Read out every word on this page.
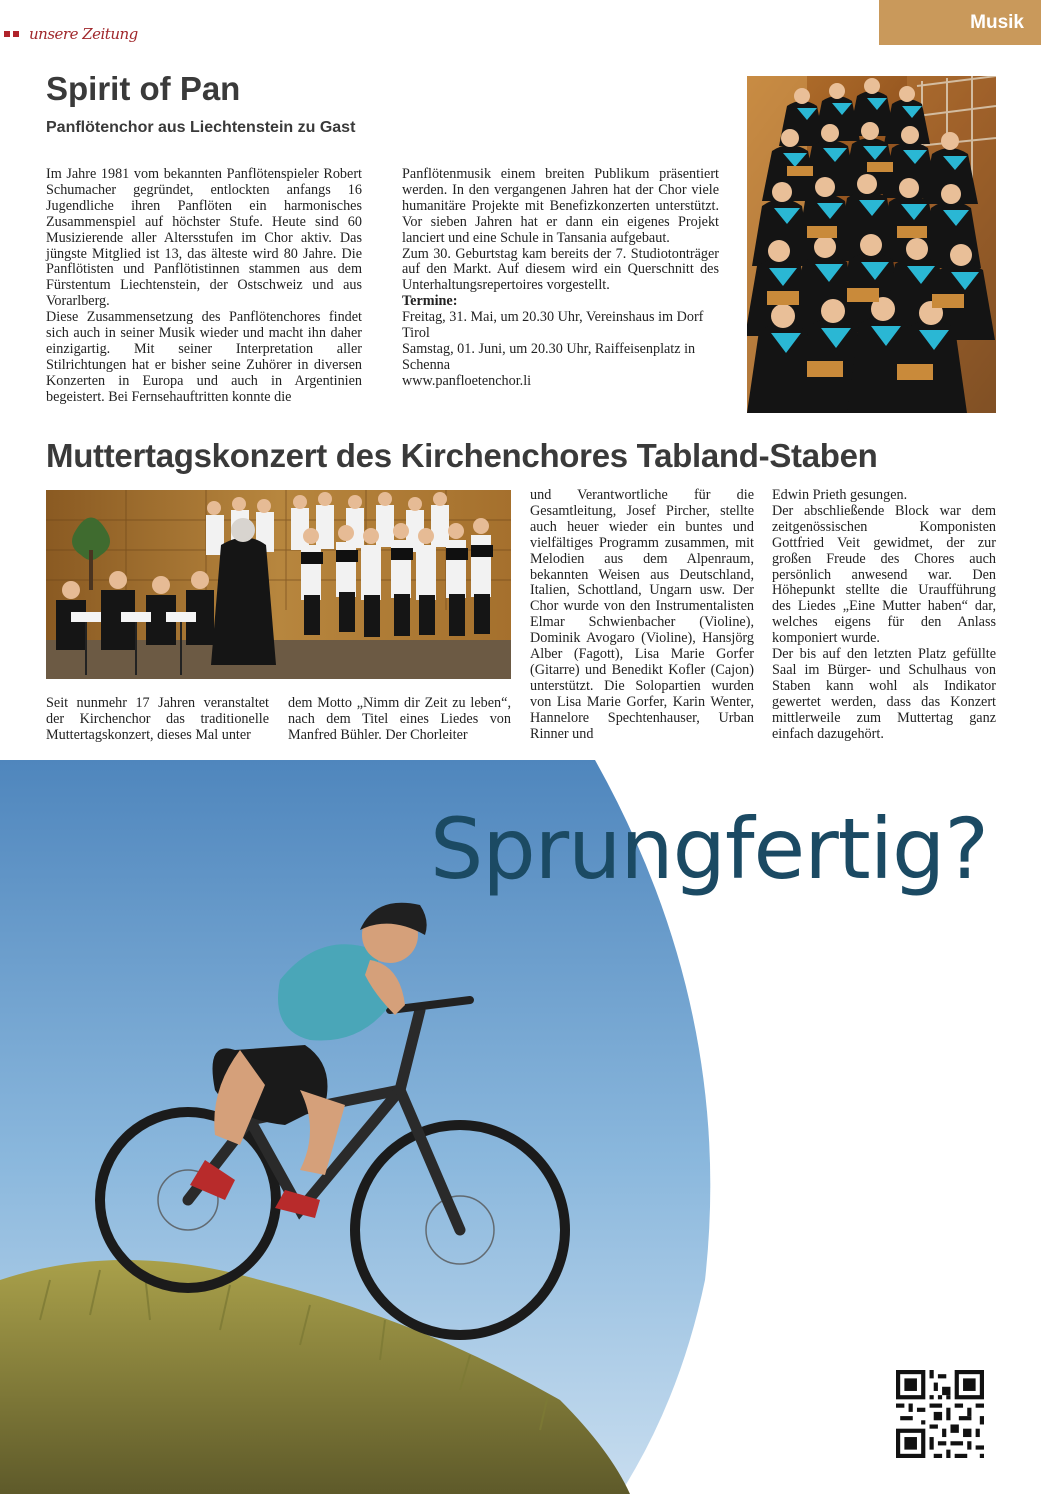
unsere Zeitung
Musik
Spirit of Pan
Panflötenchor aus Liechtenstein zu Gast

Im Jahre 1981 vom bekannten Panflötenspieler Robert Schumacher gegründet, entlockten anfangs 16 Jugendliche ihren Panflöten ein harmonisches Zusammenspiel auf höchster Stufe. Heute sind 60 Musizierende aller Altersstufen im Chor aktiv. Das jüngste Mitglied ist 13, das älteste wird 80 Jahre. Die Panflötisten und Panflötistinnen stammen aus dem Fürstentum Liechtenstein, der Ostschweiz und aus Vorarlberg.

Diese Zusammensetzung des Panflötenchores findet sich auch in seiner Musik wieder und macht ihn daher einzigartig. Mit seiner Interpretation aller Stilrichtungen hat er bisher seine Zuhörer in diversen Konzerten in Europa und auch in Argentinien begeistert. Bei Fernsehauftritten konnte die

Panflötenmusik einem breiten Publikum präsentiert werden. In den vergangenen Jahren hat der Chor viele humanitäre Projekte mit Benefizkonzerten unterstützt. Vor sieben Jahren hat er dann ein eigenes Projekt lanciert und eine Schule in Tansania aufgebaut.

Zum 30. Geburtstag kam bereits der 7. Studiotonträger auf den Markt. Auf diesem wird ein Querschnitt des Unterhaltungsrepertoires vorgestellt.

Termine:

Freitag, 31. Mai, um 20.30 Uhr, Vereinshaus im Dorf Tirol

Samstag, 01. Juni, um 20.30 Uhr, Raiffeisenplatz in Schenna

www.panfloetenchor.li

Muttertagskonzert des Kirchenchores Tabland-Staben

Seit nunmehr 17 Jahren veranstaltet der Kirchenchor das traditionelle Muttertagskonzert, dieses Mal unter

dem Motto „Nimm dir Zeit zu leben“, nach dem Titel eines Liedes von Manfred Bühler. Der Chorleiter

und Verantwortliche für die Gesamtleitung, Josef Pircher, stellte auch heuer wieder ein buntes und vielfältiges Programm zusammen, mit Melodien aus dem Alpenraum, bekannten Weisen aus Deutschland, Italien, Schottland, Ungarn usw. Der Chor wurde von den Instrumentalisten Elmar Schwienbacher (Violine), Dominik Avogaro (Violine), Hansjörg Alber (Fagott), Lisa Marie Gorfer (Gitarre) und Benedikt Kofler (Cajon) unterstützt. Die Solopartien wurden von Lisa Marie Gorfer, Karin Wenter, Hannelore Spechtenhauser, Urban Rinner und

Edwin Prieth gesungen.

Der abschließende Block war dem zeitgenössischen Komponisten Gottfried Veit gewidmet, der zur großen Freude des Chores auch persönlich anwesend war. Den Höhepunkt stellte die Uraufführung des Liedes „Eine Mutter haben“ dar, welches eigens für den Anlass komponiert wurde.

Der bis auf den letzten Platz gefüllte Saal im Bürger- und Schulhaus von Staben kann wohl als Indikator gewertet werden, dass das Konzert mittlerweile zum Muttertag ganz einfach dazugehört.

Sprungfertig?
